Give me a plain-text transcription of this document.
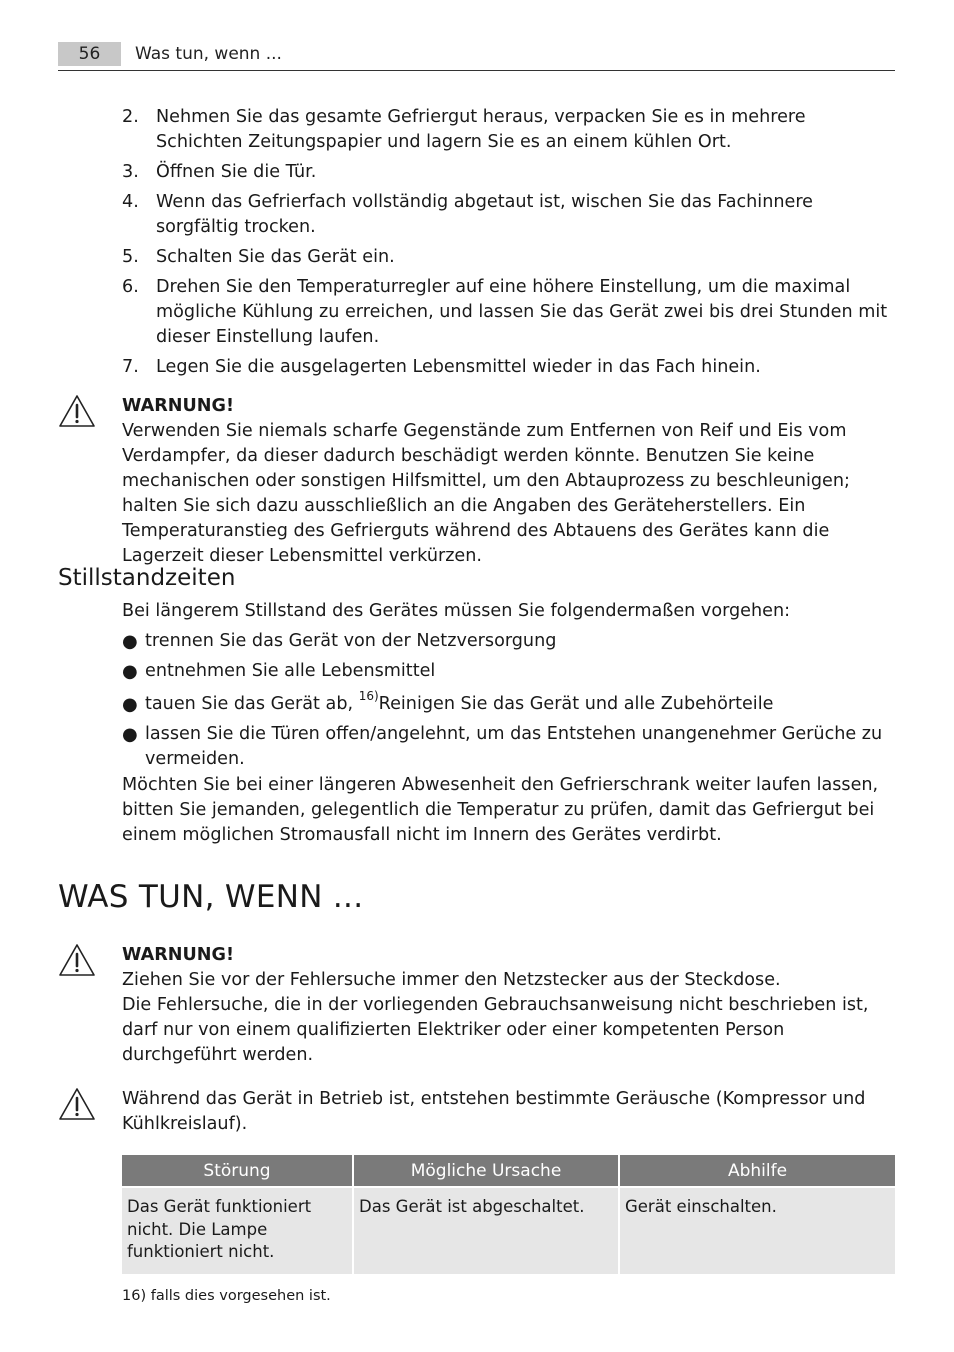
56	Was tun, wenn ...
2. Nehmen Sie das gesamte Gefriergut heraus, verpacken Sie es in mehrere Schichten Zeitungspapier und lagern Sie es an einem kühlen Ort.
3. Öffnen Sie die Tür.
4. Wenn das Gefrierfach vollständig abgetaut ist, wischen Sie das Fachinnere sorgfältig trocken.
5. Schalten Sie das Gerät ein.
6. Drehen Sie den Temperaturregler auf eine höhere Einstellung, um die maximal mögliche Kühlung zu erreichen, und lassen Sie das Gerät zwei bis drei Stunden mit dieser Einstellung laufen.
7. Legen Sie die ausgelagerten Lebensmittel wieder in das Fach hinein.
WARNUNG!
Verwenden Sie niemals scharfe Gegenstände zum Entfernen von Reif und Eis vom Verdampfer, da dieser dadurch beschädigt werden könnte. Benutzen Sie keine mechanischen oder sonstigen Hilfsmittel, um den Abtauprozess zu beschleunigen; halten Sie sich dazu ausschließlich an die Angaben des Geräteherstellers. Ein Temperaturanstieg des Gefrierguts während des Abtauens des Gerätes kann die Lagerzeit dieser Lebensmittel verkürzen.
Stillstandzeiten
Bei längerem Stillstand des Gerätes müssen Sie folgendermaßen vorgehen:
● trennen Sie das Gerät von der Netzversorgung
● entnehmen Sie alle Lebensmittel
● tauen Sie das Gerät ab, $^{16)}$Reinigen Sie das Gerät und alle Zubehörteile
● lassen Sie die Türen offen/angelehnt, um das Entstehen unangenehmer Gerüche zu vermeiden.
Möchten Sie bei einer längeren Abwesenheit den Gefrierschrank weiter laufen lassen, bitten Sie jemanden, gelegentlich die Temperatur zu prüfen, damit das Gefriergut bei einem möglichen Stromausfall nicht im Innern des Gerätes verdirbt.
WAS TUN, WENN ...
WARNUNG!
Ziehen Sie vor der Fehlersuche immer den Netzstecker aus der Steckdose.
Die Fehlersuche, die in der vorliegenden Gebrauchsanweisung nicht beschrieben ist, darf nur von einem qualifizierten Elektriker oder einer kompetenten Person durchgeführt werden.
Während das Gerät in Betrieb ist, entstehen bestimmte Geräusche (Kompressor und Kühlkreislauf).
Störung	Mögliche Ursache	Abhilfe
Das Gerät funktioniert nicht. Die Lampe funktioniert nicht.	Das Gerät ist abgeschaltet.	Gerät einschalten.
16) falls dies vorgesehen ist.
